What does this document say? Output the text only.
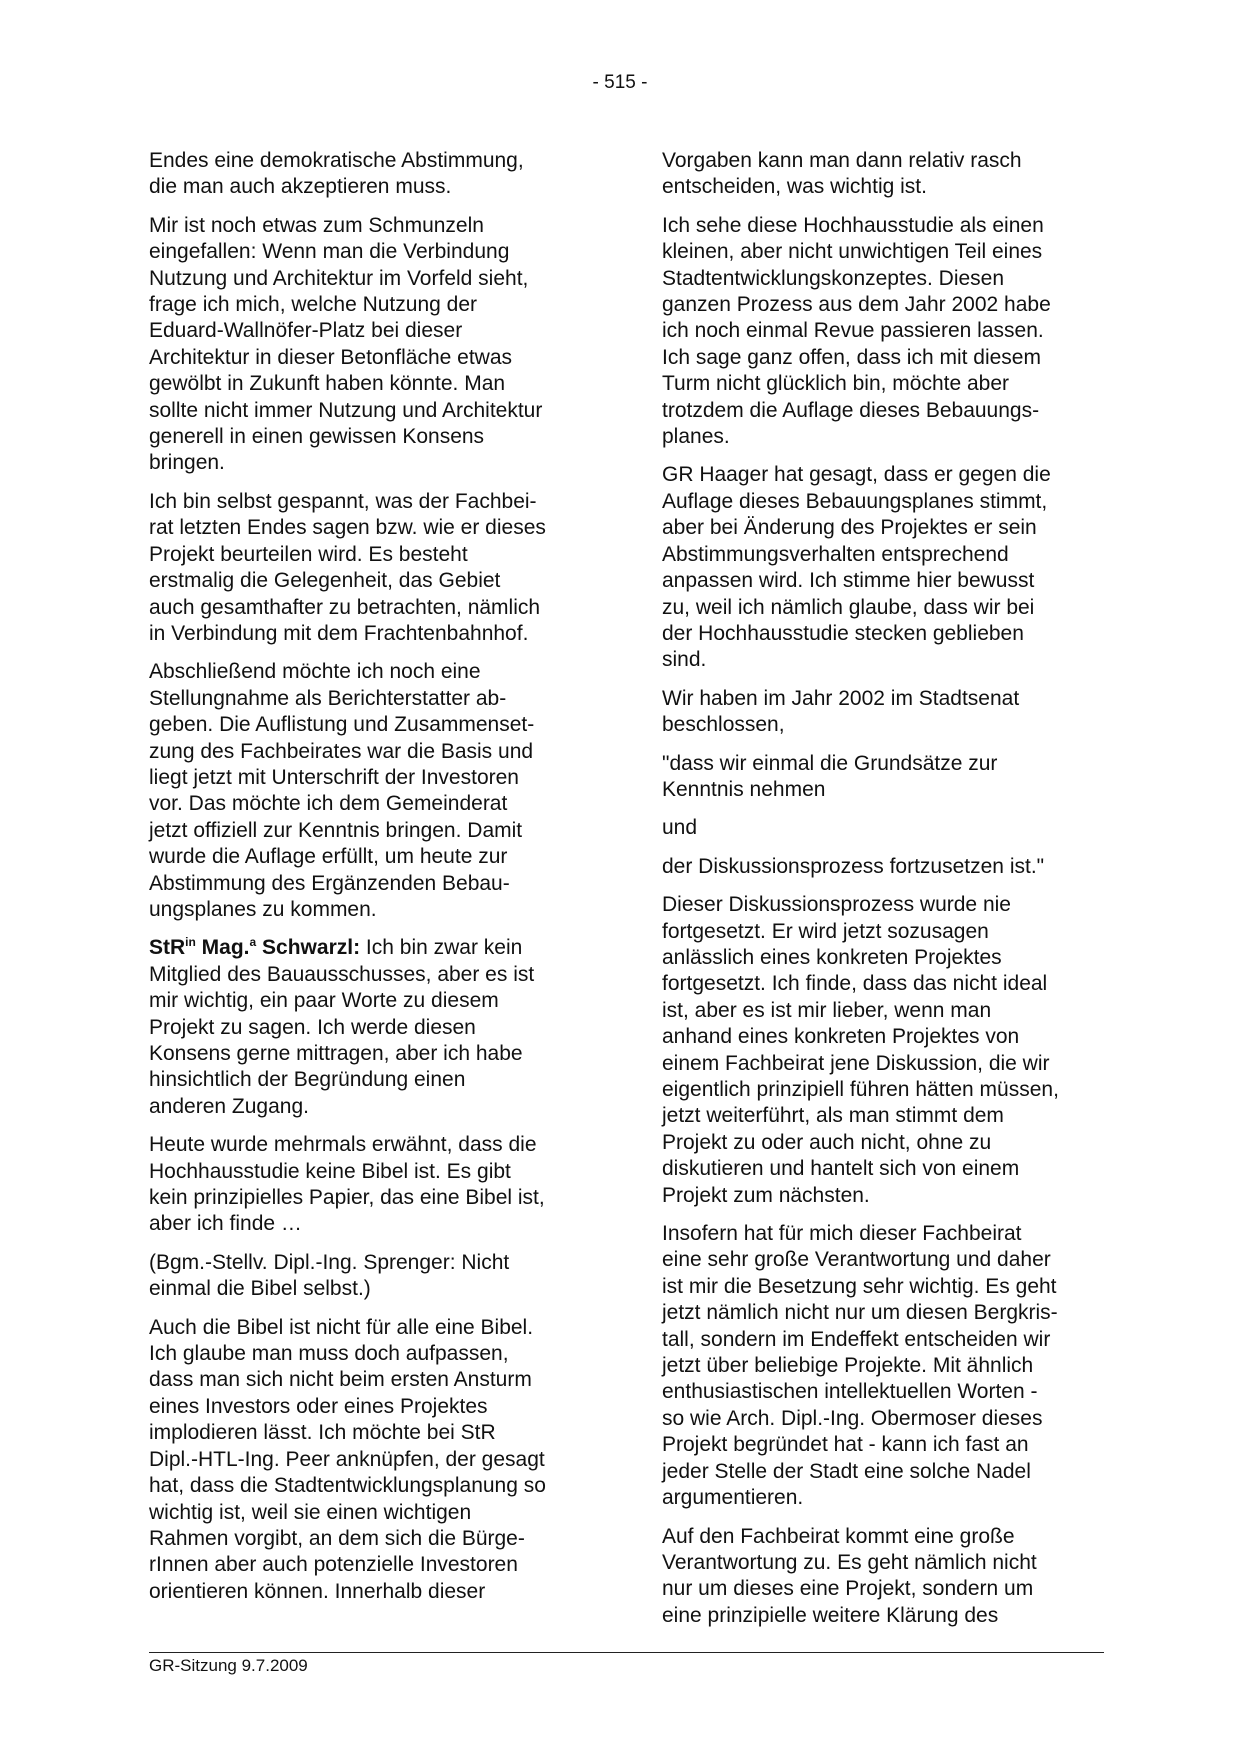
- 515 -

Endes eine demokratische Abstimmung,
die man auch akzeptieren muss.

Mir ist noch etwas zum Schmunzeln
eingefallen: Wenn man die Verbindung
Nutzung und Architektur im Vorfeld sieht,
frage ich mich, welche Nutzung der
Eduard-Wallnöfer-Platz bei dieser
Architektur in dieser Betonfläche etwas
gewölbt in Zukunft haben könnte. Man
sollte nicht immer Nutzung und Architektur
generell in einen gewissen Konsens
bringen.

Ich bin selbst gespannt, was der Fachbei-
rat letzten Endes sagen bzw. wie er dieses
Projekt beurteilen wird. Es besteht
erstmalig die Gelegenheit, das Gebiet
auch gesamthafter zu betrachten, nämlich
in Verbindung mit dem Frachtenbahnhof.

Abschließend möchte ich noch eine
Stellungnahme als Berichterstatter ab-
geben. Die Auflistung und Zusammenset-
zung des Fachbeirates war die Basis und
liegt jetzt mit Unterschrift der Investoren
vor. Das möchte ich dem Gemeinderat
jetzt offiziell zur Kenntnis bringen. Damit
wurde die Auflage erfüllt, um heute zur
Abstimmung des Ergänzenden Bebau-
ungsplanes zu kommen.

StR$^{in}$ Mag.$^a$ Schwarzl: Ich bin zwar kein
Mitglied des Bauausschusses, aber es ist
mir wichtig, ein paar Worte zu diesem
Projekt zu sagen. Ich werde diesen
Konsens gerne mittragen, aber ich habe
hinsichtlich der Begründung einen
anderen Zugang.

Heute wurde mehrmals erwähnt, dass die
Hochhausstudie keine Bibel ist. Es gibt
kein prinzipielles Papier, das eine Bibel ist,
aber ich finde …

(Bgm.-Stellv. Dipl.-Ing. Sprenger: Nicht
einmal die Bibel selbst.)

Auch die Bibel ist nicht für alle eine Bibel.
Ich glaube man muss doch aufpassen,
dass man sich nicht beim ersten Ansturm
eines Investors oder eines Projektes
implodieren lässt. Ich möchte bei StR
Dipl.-HTL-Ing. Peer anknüpfen, der gesagt
hat, dass die Stadtentwicklungsplanung so
wichtig ist, weil sie einen wichtigen
Rahmen vorgibt, an dem sich die Bürge-
rInnen aber auch potenzielle Investoren
orientieren können. Innerhalb dieser

Vorgaben kann man dann relativ rasch
entscheiden, was wichtig ist.

Ich sehe diese Hochhausstudie als einen
kleinen, aber nicht unwichtigen Teil eines
Stadtentwicklungskonzeptes. Diesen
ganzen Prozess aus dem Jahr 2002 habe
ich noch einmal Revue passieren lassen.
Ich sage ganz offen, dass ich mit diesem
Turm nicht glücklich bin, möchte aber
trotzdem die Auflage dieses Bebauungs-
planes.

GR Haager hat gesagt, dass er gegen die
Auflage dieses Bebauungsplanes stimmt,
aber bei Änderung des Projektes er sein
Abstimmungsverhalten entsprechend
anpassen wird. Ich stimme hier bewusst
zu, weil ich nämlich glaube, dass wir bei
der Hochhausstudie stecken geblieben
sind.

Wir haben im Jahr 2002 im Stadtsenat
beschlossen,

"dass wir einmal die Grundsätze zur
Kenntnis nehmen

und

der Diskussionsprozess fortzusetzen ist."

Dieser Diskussionsprozess wurde nie
fortgesetzt. Er wird jetzt sozusagen
anlässlich eines konkreten Projektes
fortgesetzt. Ich finde, dass das nicht ideal
ist, aber es ist mir lieber, wenn man
anhand eines konkreten Projektes von
einem Fachbeirat jene Diskussion, die wir
eigentlich prinzipiell führen hätten müssen,
jetzt weiterführt, als man stimmt dem
Projekt zu oder auch nicht, ohne zu
diskutieren und hantelt sich von einem
Projekt zum nächsten.

Insofern hat für mich dieser Fachbeirat
eine sehr große Verantwortung und daher
ist mir die Besetzung sehr wichtig. Es geht
jetzt nämlich nicht nur um diesen Bergkris-
tall, sondern im Endeffekt entscheiden wir
jetzt über beliebige Projekte. Mit ähnlich
enthusiastischen intellektuellen Worten -
so wie Arch. Dipl.-Ing. Obermoser dieses
Projekt begründet hat - kann ich fast an
jeder Stelle der Stadt eine solche Nadel
argumentieren.

Auf den Fachbeirat kommt eine große
Verantwortung zu. Es geht nämlich nicht
nur um dieses eine Projekt, sondern um
eine prinzipielle weitere Klärung des

GR-Sitzung 9.7.2009
